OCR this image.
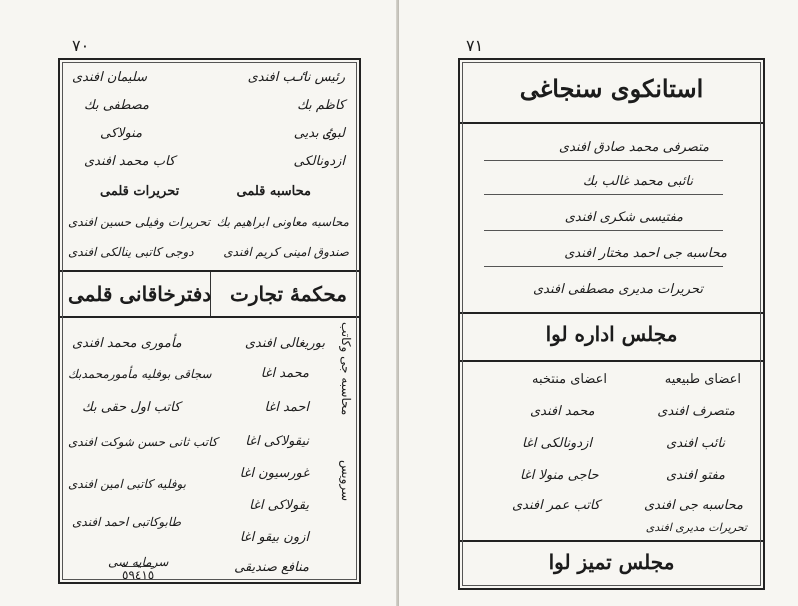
٧٠
رئیس ناٸب افندی
سلیمان افندی
کاظم بك
مصطفی بك
لبوٸ بدیی
منولاکی
ازدونالکی
کاب محمد افندی
محاسبه قلمی
تحریرات قلمی
محاسبه معاونی ابراهیم بك
تحریرات وفیلی حسین افندی
صندوق امینی کریم افندی
دوجی کاتبی ینالکی افندی
محکمهٔ تجارت
دفترخاقانی قلمی
محاسبه جی وکاتب
سرویس
بوریغالی افندی
مأموری محمد افندی
محمد اغا
سجاقی بوفلیه مأمورمحمدبك
احمد اغا
کاتب اول حقی بك
نیقولاکی اغا
کاتب ثانی حسن شوکت افندی
غورسیون اغا
بوفلیه کاتبی امین افندی
یقولاکی اغا
طابوکاتبی احمد افندی
ازون بیقو اغا
منافع صندیقی
سرمایه سی
٥٩٤١٥
٧١
استانکوی سنجاغی
متصرفی محمد صادق افندی
نائبی محمد غالب بك
مفتیسی شکری افندی
محاسبه جی احمد مختار افندی
تحریرات مدیری مصطفی افندی
مجلس اداره لوا
اعضای طبیعیه
اعضای منتخبه
متصرف افندی
محمد افندی
نائب افندی
ازدونالکی اغا
مفتو افندی
حاجی منولا اغا
محاسبه جی افندی
کاتب عمر افندی
تحریرات مدیری افندی
مجلس تمیز لوا
